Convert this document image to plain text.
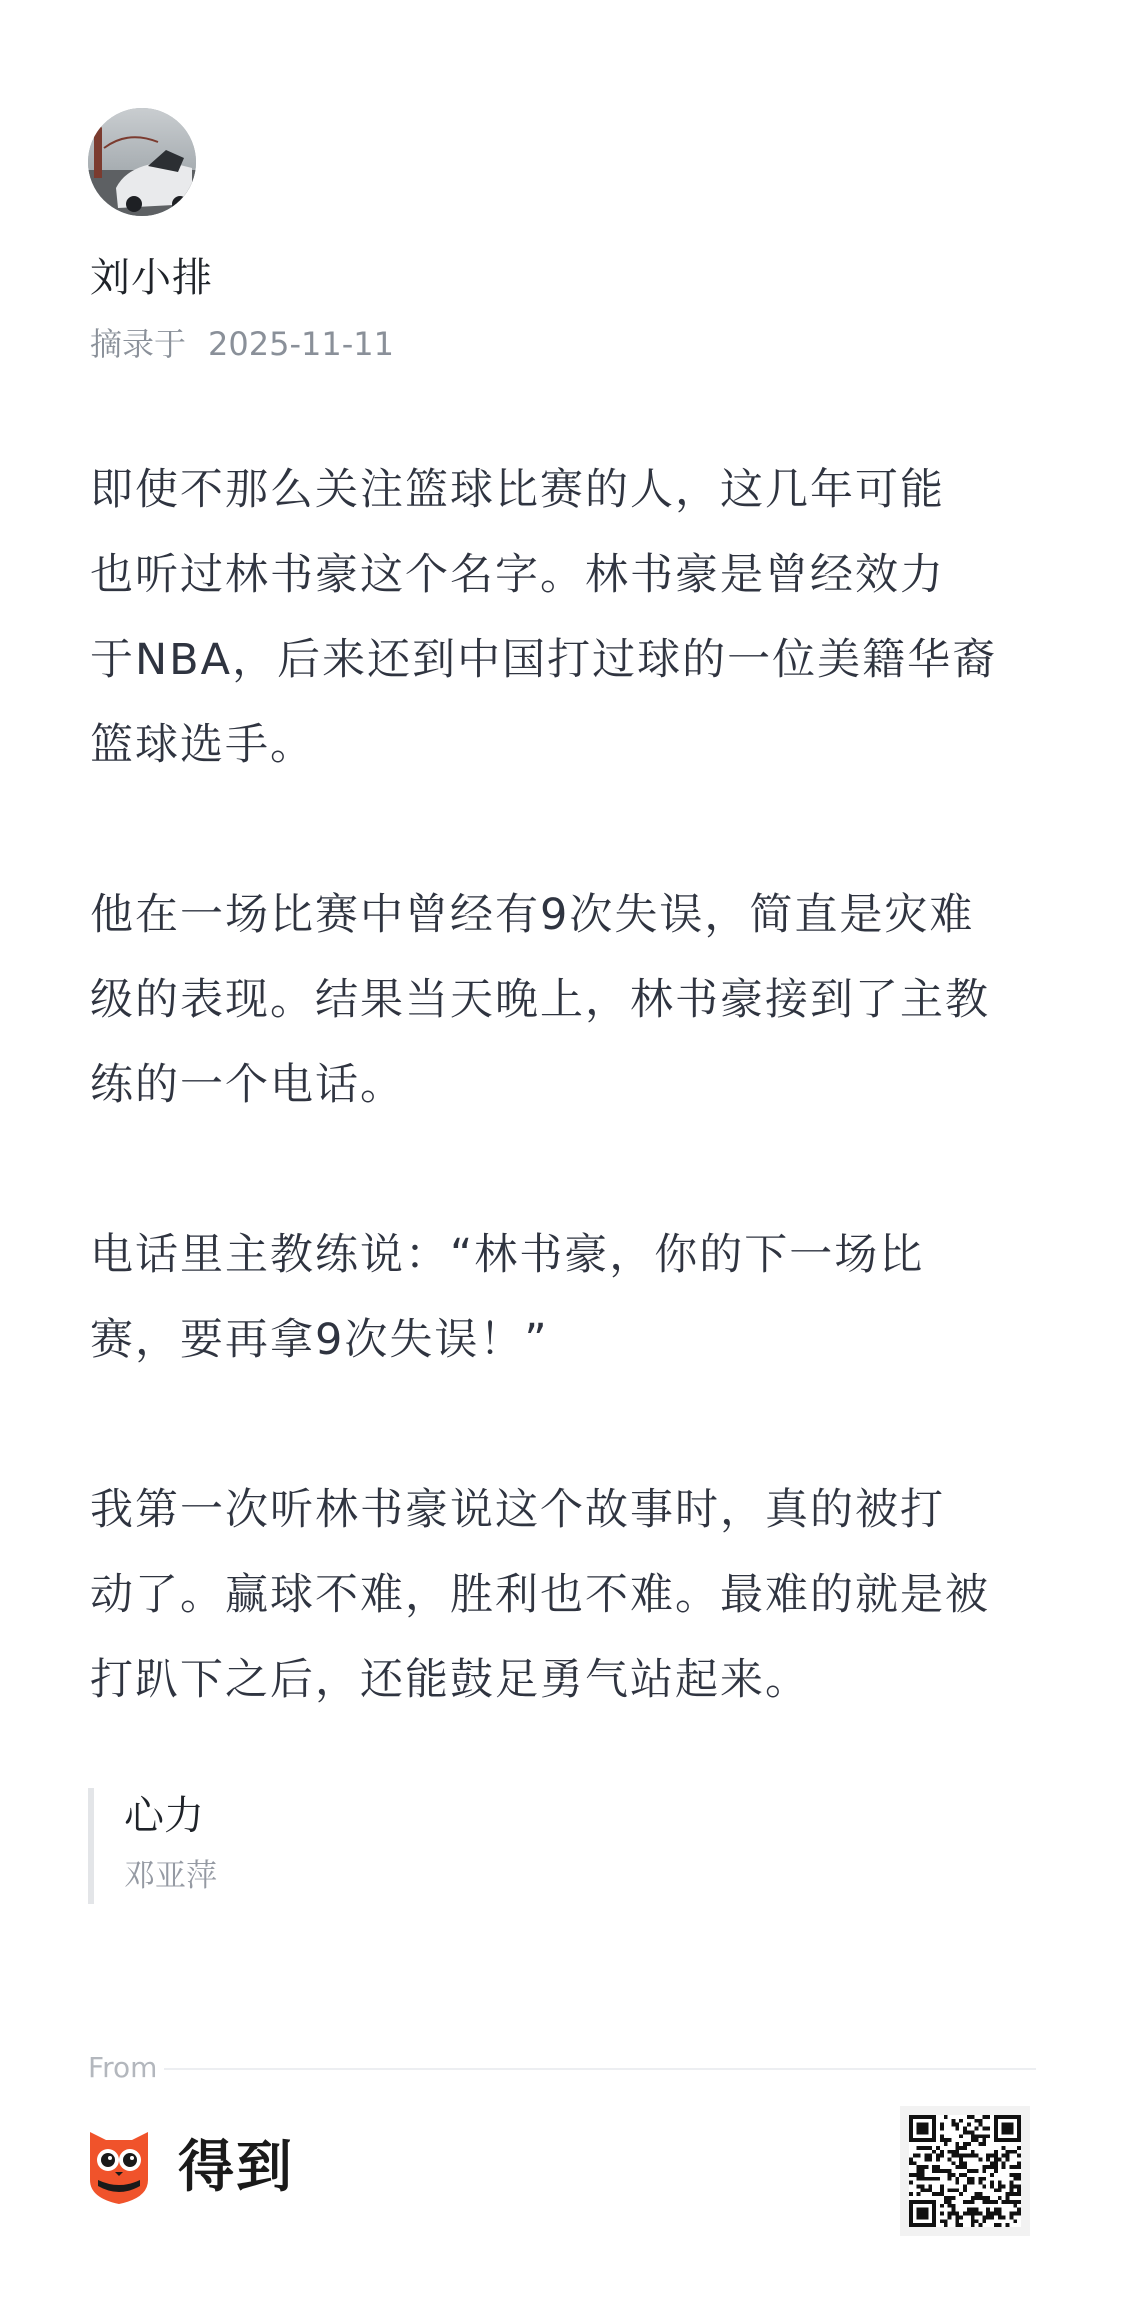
刘小排
摘录于 2025-11-11

即使不那么关注篮球比赛的人，这几年可能
也听过林书豪这个名字。林书豪是曾经效力
于NBA，后来还到中国打过球的一位美籍华裔
篮球选手。

他在一场比赛中曾经有9次失误，简直是灾难
级的表现。结果当天晚上，林书豪接到了主教
练的一个电话。

电话里主教练说：“林书豪，你的下一场比
赛，要再拿9次失误！”

我第一次听林书豪说这个故事时，真的被打
动了。赢球不难，胜利也不难。最难的就是被
打趴下之后，还能鼓足勇气站起来。

心力
邓亚萍
From
得到
